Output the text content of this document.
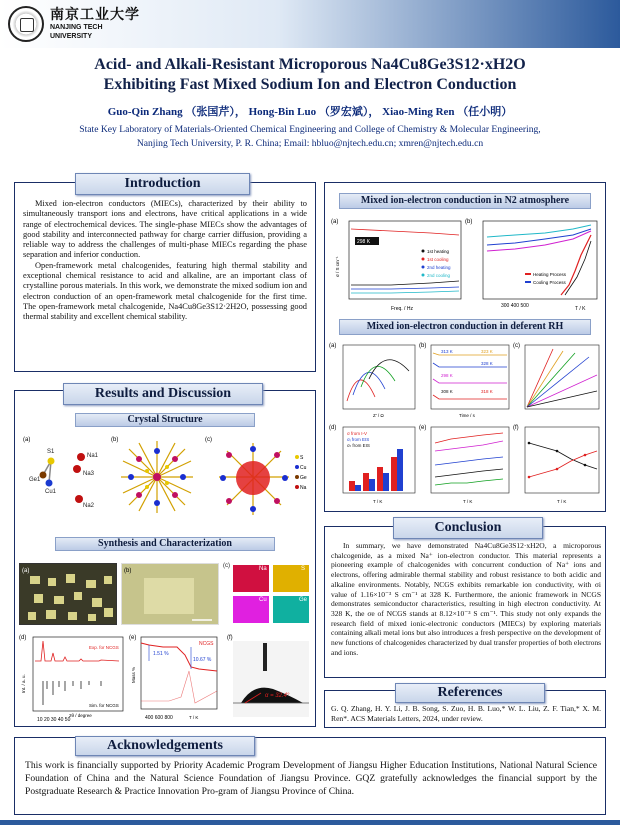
南京工业大学
NANJING TECH
UNIVERSITY
Acid- and Alkali-Resistant Microporous Na4Cu8Ge3S12·xH2O
Exhibiting Fast Mixed Sodium Ion and Electron Conduction
Guo-Qin Zhang （张国芹）， Hong-Bin Luo （罗宏斌）， Xiao-Ming Ren （任小明）
State Key Laboratory of Materials-Oriented Chemical Engineering and College of Chemistry & Molecular Engineering,
Nanjing Tech University, P. R. China; Email: hbluo@njtech.edu.cn; xmren@njtech.edu.cn
Introduction

Mixed ion-electron conductors (MIECs), characterized by their ability to simultaneously transport ions and electrons, have critical applications in a wide range of electrochemical devices. The single-phase MIECs show the advantages of good stability and interconnected pathway for charge carrier diffusion, providing a reliable way to address the challenges of multi-phase MIECs regarding the phase separation and inferior conduction.

Open-framework metal chalcogenides, featuring high thermal stability and exceptional chemical resistance to acid and alkaline, are an important class of crystalline porous materials. In this work, we demonstrate the mixed sodium ion and electron conduction of an open-framework metal chalcogenide for the first time. The open-framework metal chalcogenide, Na4Cu8Ge3S12·2H2O, possessing good thermal stability and excellent chemical stability.

Results and Discussion
Crystal Structure
(a)
S1
Na1
Ge1
Na3
Cu1
Na2
(b)	(c)
S
Cu
Ge
Na
Synthesis and Characterization
(a)	(b)
(c)	Na	S
Cu	Ge
(d)
10 20 30 40 50
Int. / a. u.
Exp. for NCGS
Sim. for NCGS
2θ / degree
(e)
1.51 %
10.67 %
NCGS
400 600 800	T / K
Mass %
(f)
α = 32.4°
Mixed ion-electron conduction in N2 atmosphere
(a)
298 K
1st heating
1st cooling
2nd heating
2nd cooling
Freq. / Hz
σ / S cm⁻¹
(b)
Heating Process
Cooling Process
300 400 500	T / K
Mixed ion-electron conduction in deferent RH
(a)
Z' / Ω
(b)
313 K	323 K
328 K
298 K
318 K
308 K
Time / s
(c)
(d)
σ from I-V
σᵢ from EIS
σₜ from EIS
T / K
(e)
T / K
(f)
T / K
Conclusion

In summary, we have demonstrated Na4Cu8Ge3S12·xH2O, a microporous chalcogenide, as a mixed Na⁺ ion-electron conductor. This material represents a pioneering example of chalcogenides with concurrent conduction of Na⁺ ions and electrons, offering admirable thermal stability and robust resistance to both acidic and alkaline environments. Notably, NCGS exhibits remarkable ion conductivity, with σi value of 1.16×10⁻³ S cm⁻¹ at 328 K. Furthermore, the anionic framework in NCGS demonstrates semiconductor characteristics, resulting in high electron conductivity. At 328 K, the σe of NCGS stands at 8.12×10⁻³ S cm⁻¹. This study not only expands the research field of mixed ionic-electronic conductors (MIECs) by exploring materials containing alkali metal ions but also introduces a fresh perspective on the development of new functions of chalcogenides characterized by dual transfer properties of both electrons and ions.

References
G. Q. Zhang, H. Y. Li, J. B. Song, S. Zuo, H. B. Luo,* W. L. Liu, Z. F. Tian,* X. M. Ren*. ACS Materials Letters, 2024, under review.
Acknowledgements
This work is financially supported by Priority Academic Program Development of Jiangsu Higher Education Institutions, National Natural Science Foundation of China and the Natural Science Foundation of Jiangsu Province. GQZ gratefully acknowledges the financial support by the Postgraduate Research & Practice Innovation Pro-gram of Jiangsu Province of China.
